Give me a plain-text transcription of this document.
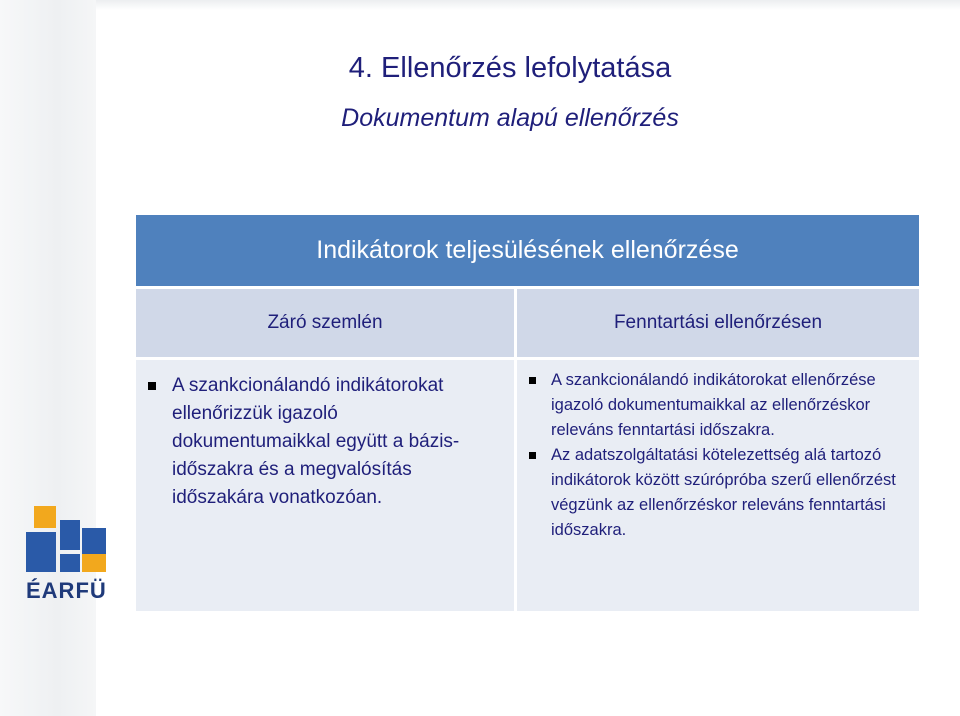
4. Ellenőrzés lefolytatása
Dokumentum alapú ellenőrzés
ÉARFÜ
Indikátorok teljesülésének ellenőrzése
Záró szemlén	Fenntartási ellenőrzésen
A szankcionálandó indikátorokat ellenőrizzük igazoló dokumentumaikkal együtt a bázis-időszakra és a megvalósítás időszakára vonatkozóan.
A szankcionálandó indikátorokat ellenőrzése igazoló dokumentumaikkal az ellenőrzéskor releváns fenntartási időszakra.
Az adatszolgáltatási kötelezettség alá tartozó indikátorok között szúrópróba szerű ellenőrzést végzünk az ellenőrzéskor releváns fenntartási időszakra.
